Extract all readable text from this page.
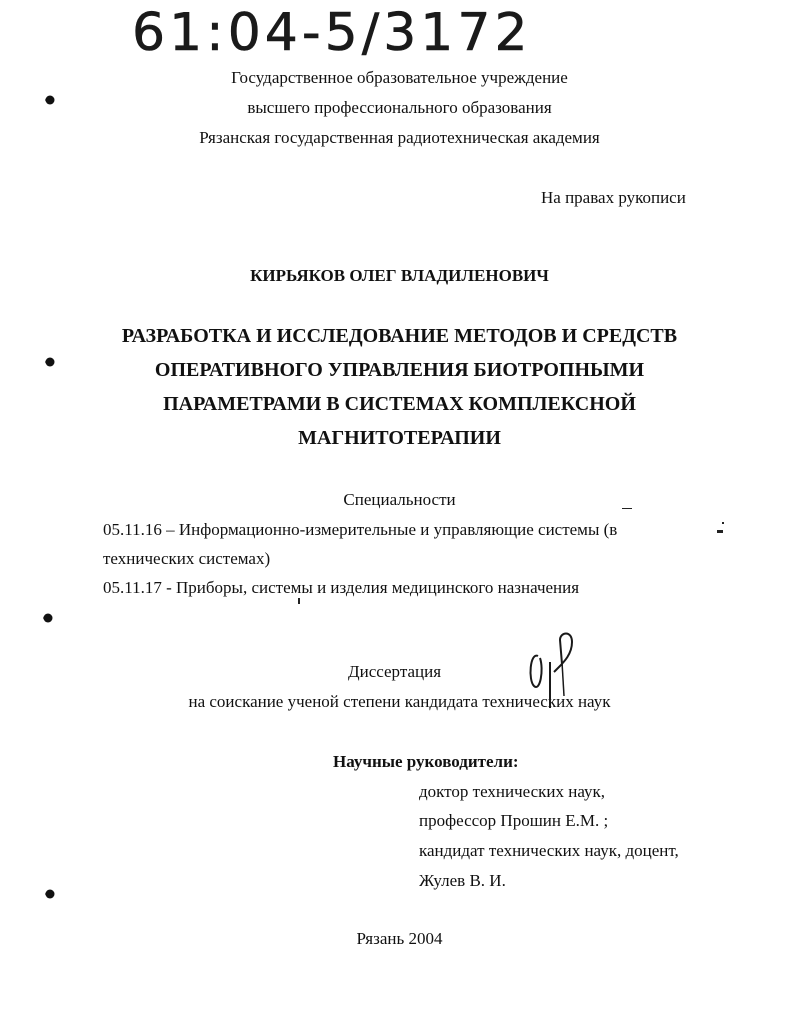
61:04-5/3172
Государственное образовательное учреждение
высшего профессионального образования
Рязанская государственная радиотехническая академия
На правах рукописи
КИРЬЯКОВ ОЛЕГ ВЛАДИЛЕНОВИЧ
РАЗРАБОТКА И ИССЛЕДОВАНИЕ МЕТОДОВ И СРЕДСТВ
ОПЕРАТИВНОГО УПРАВЛЕНИЯ БИОТРОПНЫМИ
ПАРАМЕТРАМИ В СИСТЕМАХ КОМПЛЕКСНОЙ
МАГНИТОТЕРАПИИ
Специальности
05.11.16 – Информационно-измерительные и управляющие системы (в
технических системах)
05.11.17 - Приборы, системы и изделия медицинского назначения
Диссертация
на соискание ученой степени кандидата технических наук
Научные руководители:
доктор технических наук,
профессор Прошин Е.М. ;
кандидат технических наук, доцент,
Жулев В. И.
Рязань 2004
